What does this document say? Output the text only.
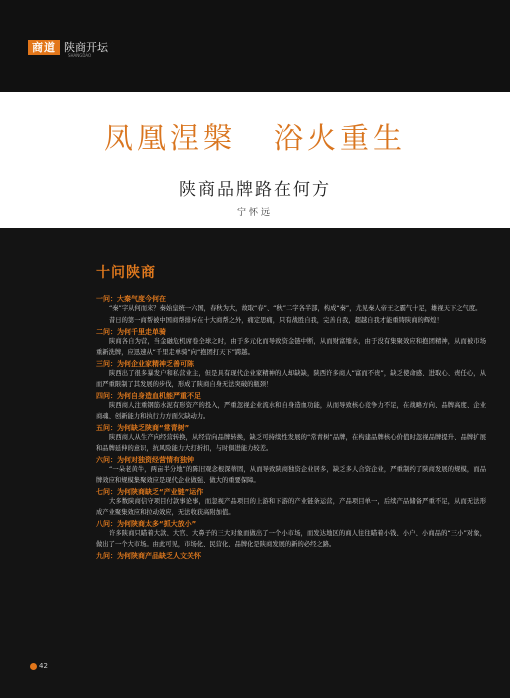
商道 陕商开坛
SHANGDAO
凤凰涅槃 浴火重生
陕商品牌路在何方
宁怀远
十问陕商
一问：大秦气度今何在

“秦”字从何而来？秦始皇统一六国，春秋为大，故取“春”、“秋”二字各半部，构成“秦”，尤见秦人帝王之霸气十足，雄视天下之气度。

昔日的第一商帮被中国商帮排斥在十大商帮之外，痛定思痛，只有战胜自我，完善自我，超越自我才能重铸陕商的辉煌！

二问：为何千里走单骑

陕商各自为营，当金融危机席卷全球之时，由于多元化而导致资金链中断，从而财富缩水，由于没有集聚效应和抱团精神，从而被市场重新洗牌，应迅速从“千里走单骑”向“抱团打天下”跨越。

三问：为何企业家精神乏善可陈

陕西出了很多暴发户和私营业主，但是具有现代企业家精神的人却缺缺，陕西许多商人“富而不贵”，缺乏使命感、进取心、责任心，从而严重限制了其发展的步伐，形成了陕商自身无法突破的瓶颈！

四问：为何自身造血机能严重不足

陕西商人注重钢筋水泥有形资产的投入，严重忽视企业流水和自身造血功能，从而导致核心竞争力不足，在战略方向、品牌高度、企业商魂、创新能力和执行力方面欠缺动力。

五问：为何缺乏陕商“常青树”

陕西商人从生产向经营转换，从经营向品牌转换，缺乏可持续性发展的“常青树”品牌，在构建品牌核心价值时忽视品牌提升、品牌扩展和品牌延伸的意识，抗风险能力大打折扣，与时俱进能力较差。

六问：为何对独资经营情有独钟

“一朵老黄牛，两亩半分地”的陈旧观念根深蒂固，从而导致陕商独资企业居多，缺乏多人合资企业，严重制约了陕商发展的规模，而品牌效应和规模集聚效应是现代企业做强、做大的重要保障。

七问：为何陕商缺乏“产业链”运作

大多数陕商信守项目付款事论事，而忽视产品项目的上游和下游的产业链条运营，产品项目单一，后续产品储备严重不足，从而无法形成产业聚集效应和拉动效应，无法收获高附加值。

八问：为何陕商太多“抓大放小”

许多陕商只瞄着大款、大官、大鼻子的三大对象而做出了一个小市场，而发达地区的商人往往瞄着小钱、小户、小商品的“三小”对象，做出了一个大市场。由此可见，市场化、民营化、品牌化是陕商发展的新的必经之路。

九问：为何陕商产品缺乏人文关怀
42
